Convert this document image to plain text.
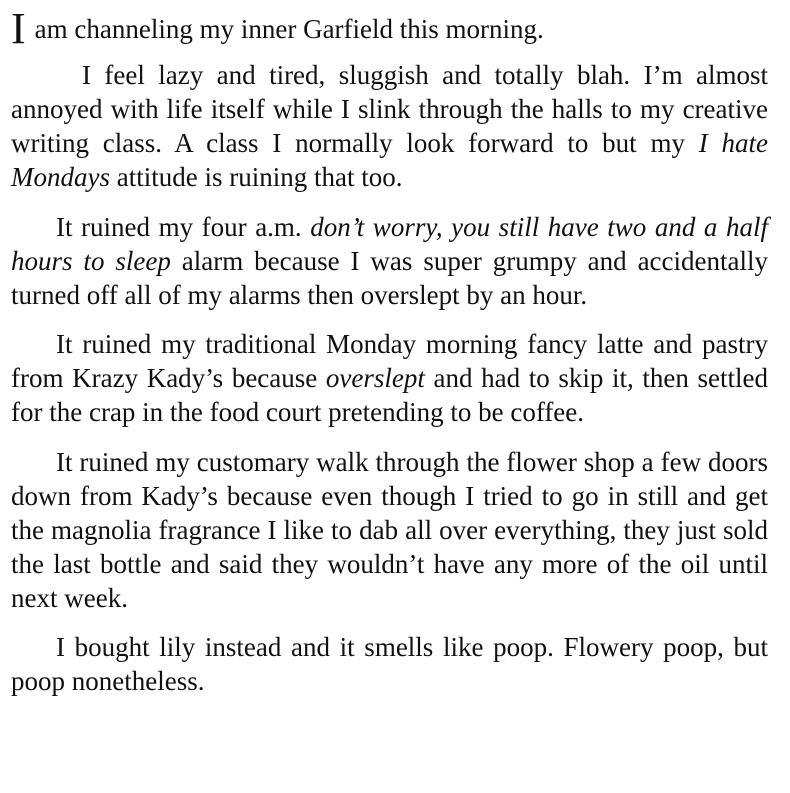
Iam channeling my inner Garfield this morning.

I feel lazy and tired, sluggish and totally blah. I’m almost annoyed with life itself while I slink through the halls to my creative writing class. A class I normally look forward to but my I hate Mondays attitude is ruining that too.

It ruined my four a.m. don’t worry, you still have two and a half hours to sleep alarm because I was super grumpy and accidentally turned off all of my alarms then overslept by an hour.

It ruined my traditional Monday morning fancy latte and pastry from Krazy Kady’s because overslept and had to skip it, then settled for the crap in the food court pretending to be coffee.

It ruined my customary walk through the flower shop a few doors down from Kady’s because even though I tried to go in still and get the magnolia fragrance I like to dab all over everything, they just sold the last bottle and said they wouldn’t have any more of the oil until next week.

I bought lily instead and it smells like poop. Flowery poop, but poop nonetheless.
